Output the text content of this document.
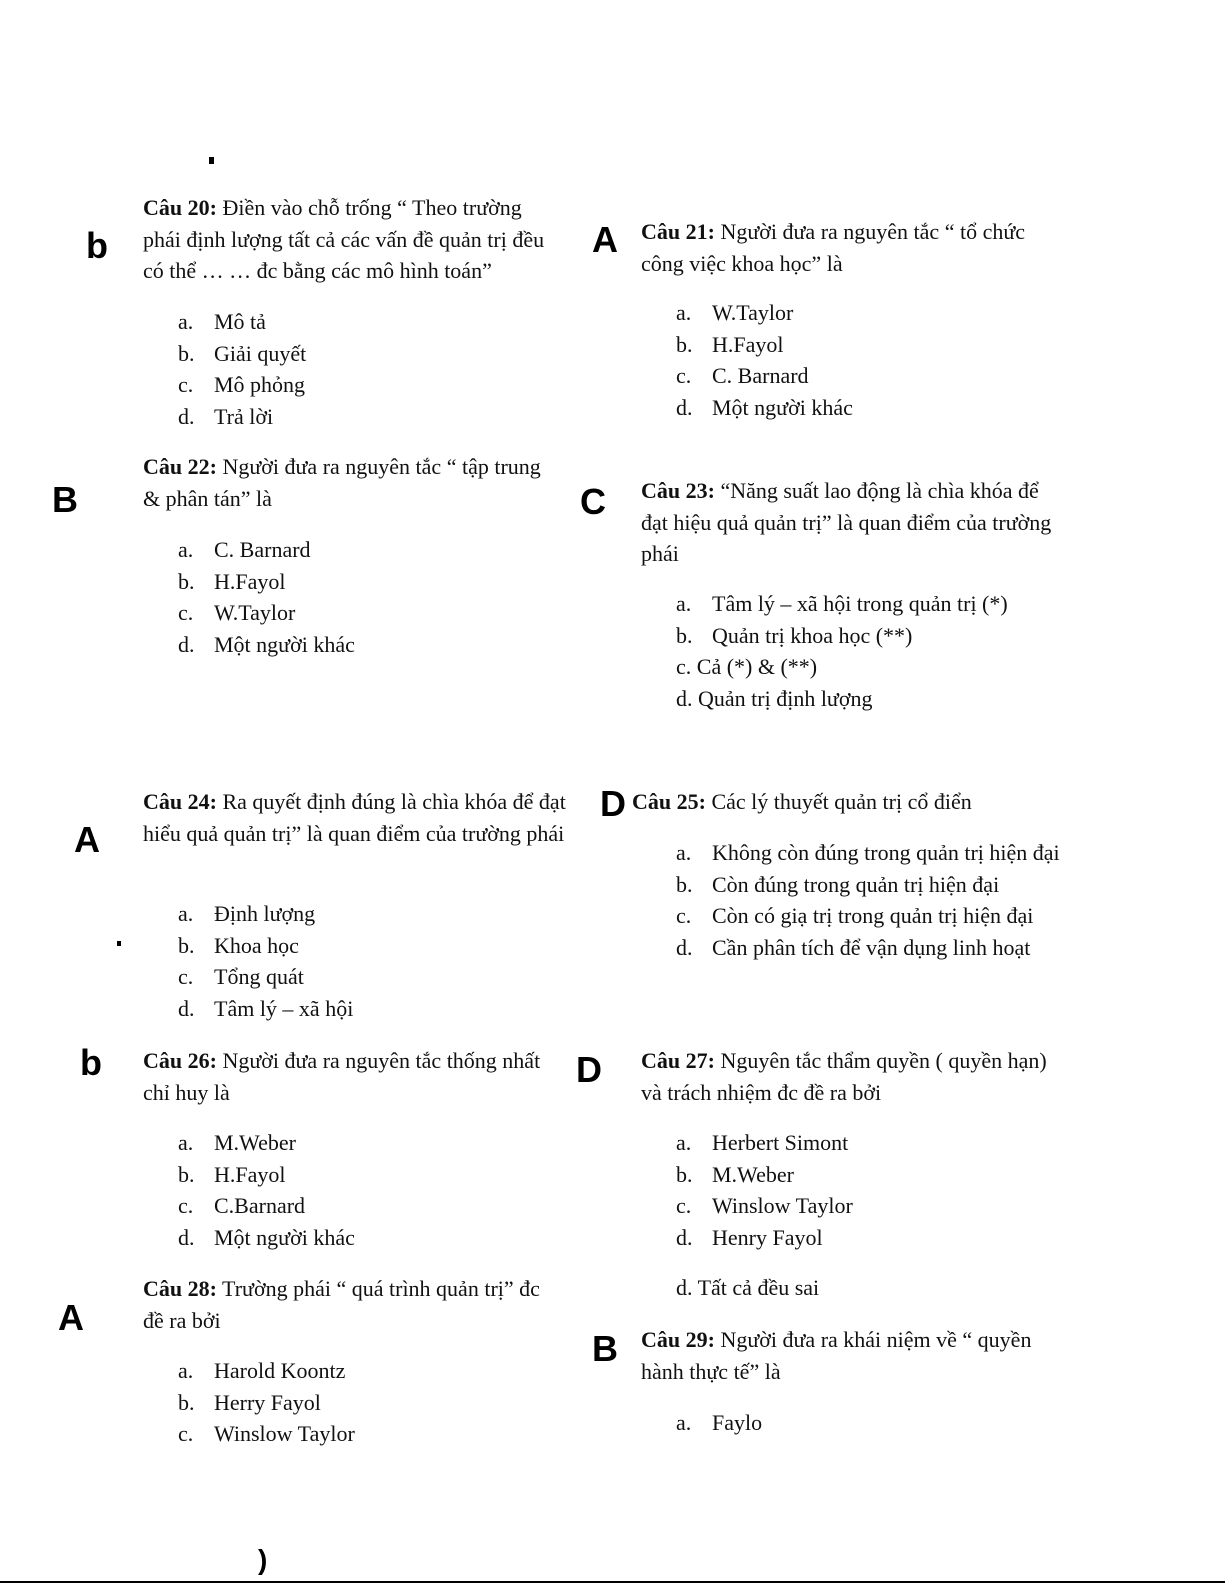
b
Câu 20: Điền vào chỗ trống “ Theo trường phái định lượng tất cả các vấn đề quản trị đều có thể … … đc bằng các mô hình toán”
a. Mô tả
b. Giải quyết
c. Mô phỏng
d. Trả lời
A Câu 21: Người đưa ra nguyên tắc “ tổ chức công việc khoa học” là
a. W.Taylor
b. H.Fayol
c. C. Barnard
d. Một người khác
B
Câu 22: Người đưa ra nguyên tắc “ tập trung & phân tán” là
a. C. Barnard
b. H.Fayol
c. W.Taylor
d. Một người khác
C Câu 23: “Năng suất lao động là chìa khóa để đạt hiệu quả quản trị” là quan điểm của trường phái
a. Tâm lý – xã hội trong quản trị (*)
b. Quản trị khoa học (**)
c. Cả (*) & (**)
d. Quản trị định lượng
A
Câu 24: Ra quyết định đúng là chìa khóa để đạt hiểu quả quản trị” là quan điểm của trường phái
a. Định lượng
b. Khoa học
c. Tổng quát
d. Tâm lý – xã hội
D Câu 25: Các lý thuyết quản trị cổ điển
a. Không còn đúng trong quản trị hiện đại
b. Còn đúng trong quản trị hiện đại
c. Còn có giạ trị trong quản trị hiện đại
d. Cần phân tích để vận dụng linh hoạt
b Câu 26: Người đưa ra nguyên tắc thống nhất chỉ huy là
a. M.Weber
b. H.Fayol
c. C.Barnard
d. Một người khác
D Câu 27: Nguyên tắc thẩm quyền ( quyền hạn) và trách nhiệm đc đề ra bởi
a. Herbert Simont
b. M.Weber
c. Winslow Taylor
d. Henry Fayol
d. Tất cả đều sai
A
Câu 28: Trường phái “ quá trình quản trị” đc đề ra bởi
a. Harold Koontz
b. Herry Fayol
c. Winslow Taylor
B Câu 29: Người đưa ra khái niệm về “ quyền hành thực tế” là
a. Faylo
)
